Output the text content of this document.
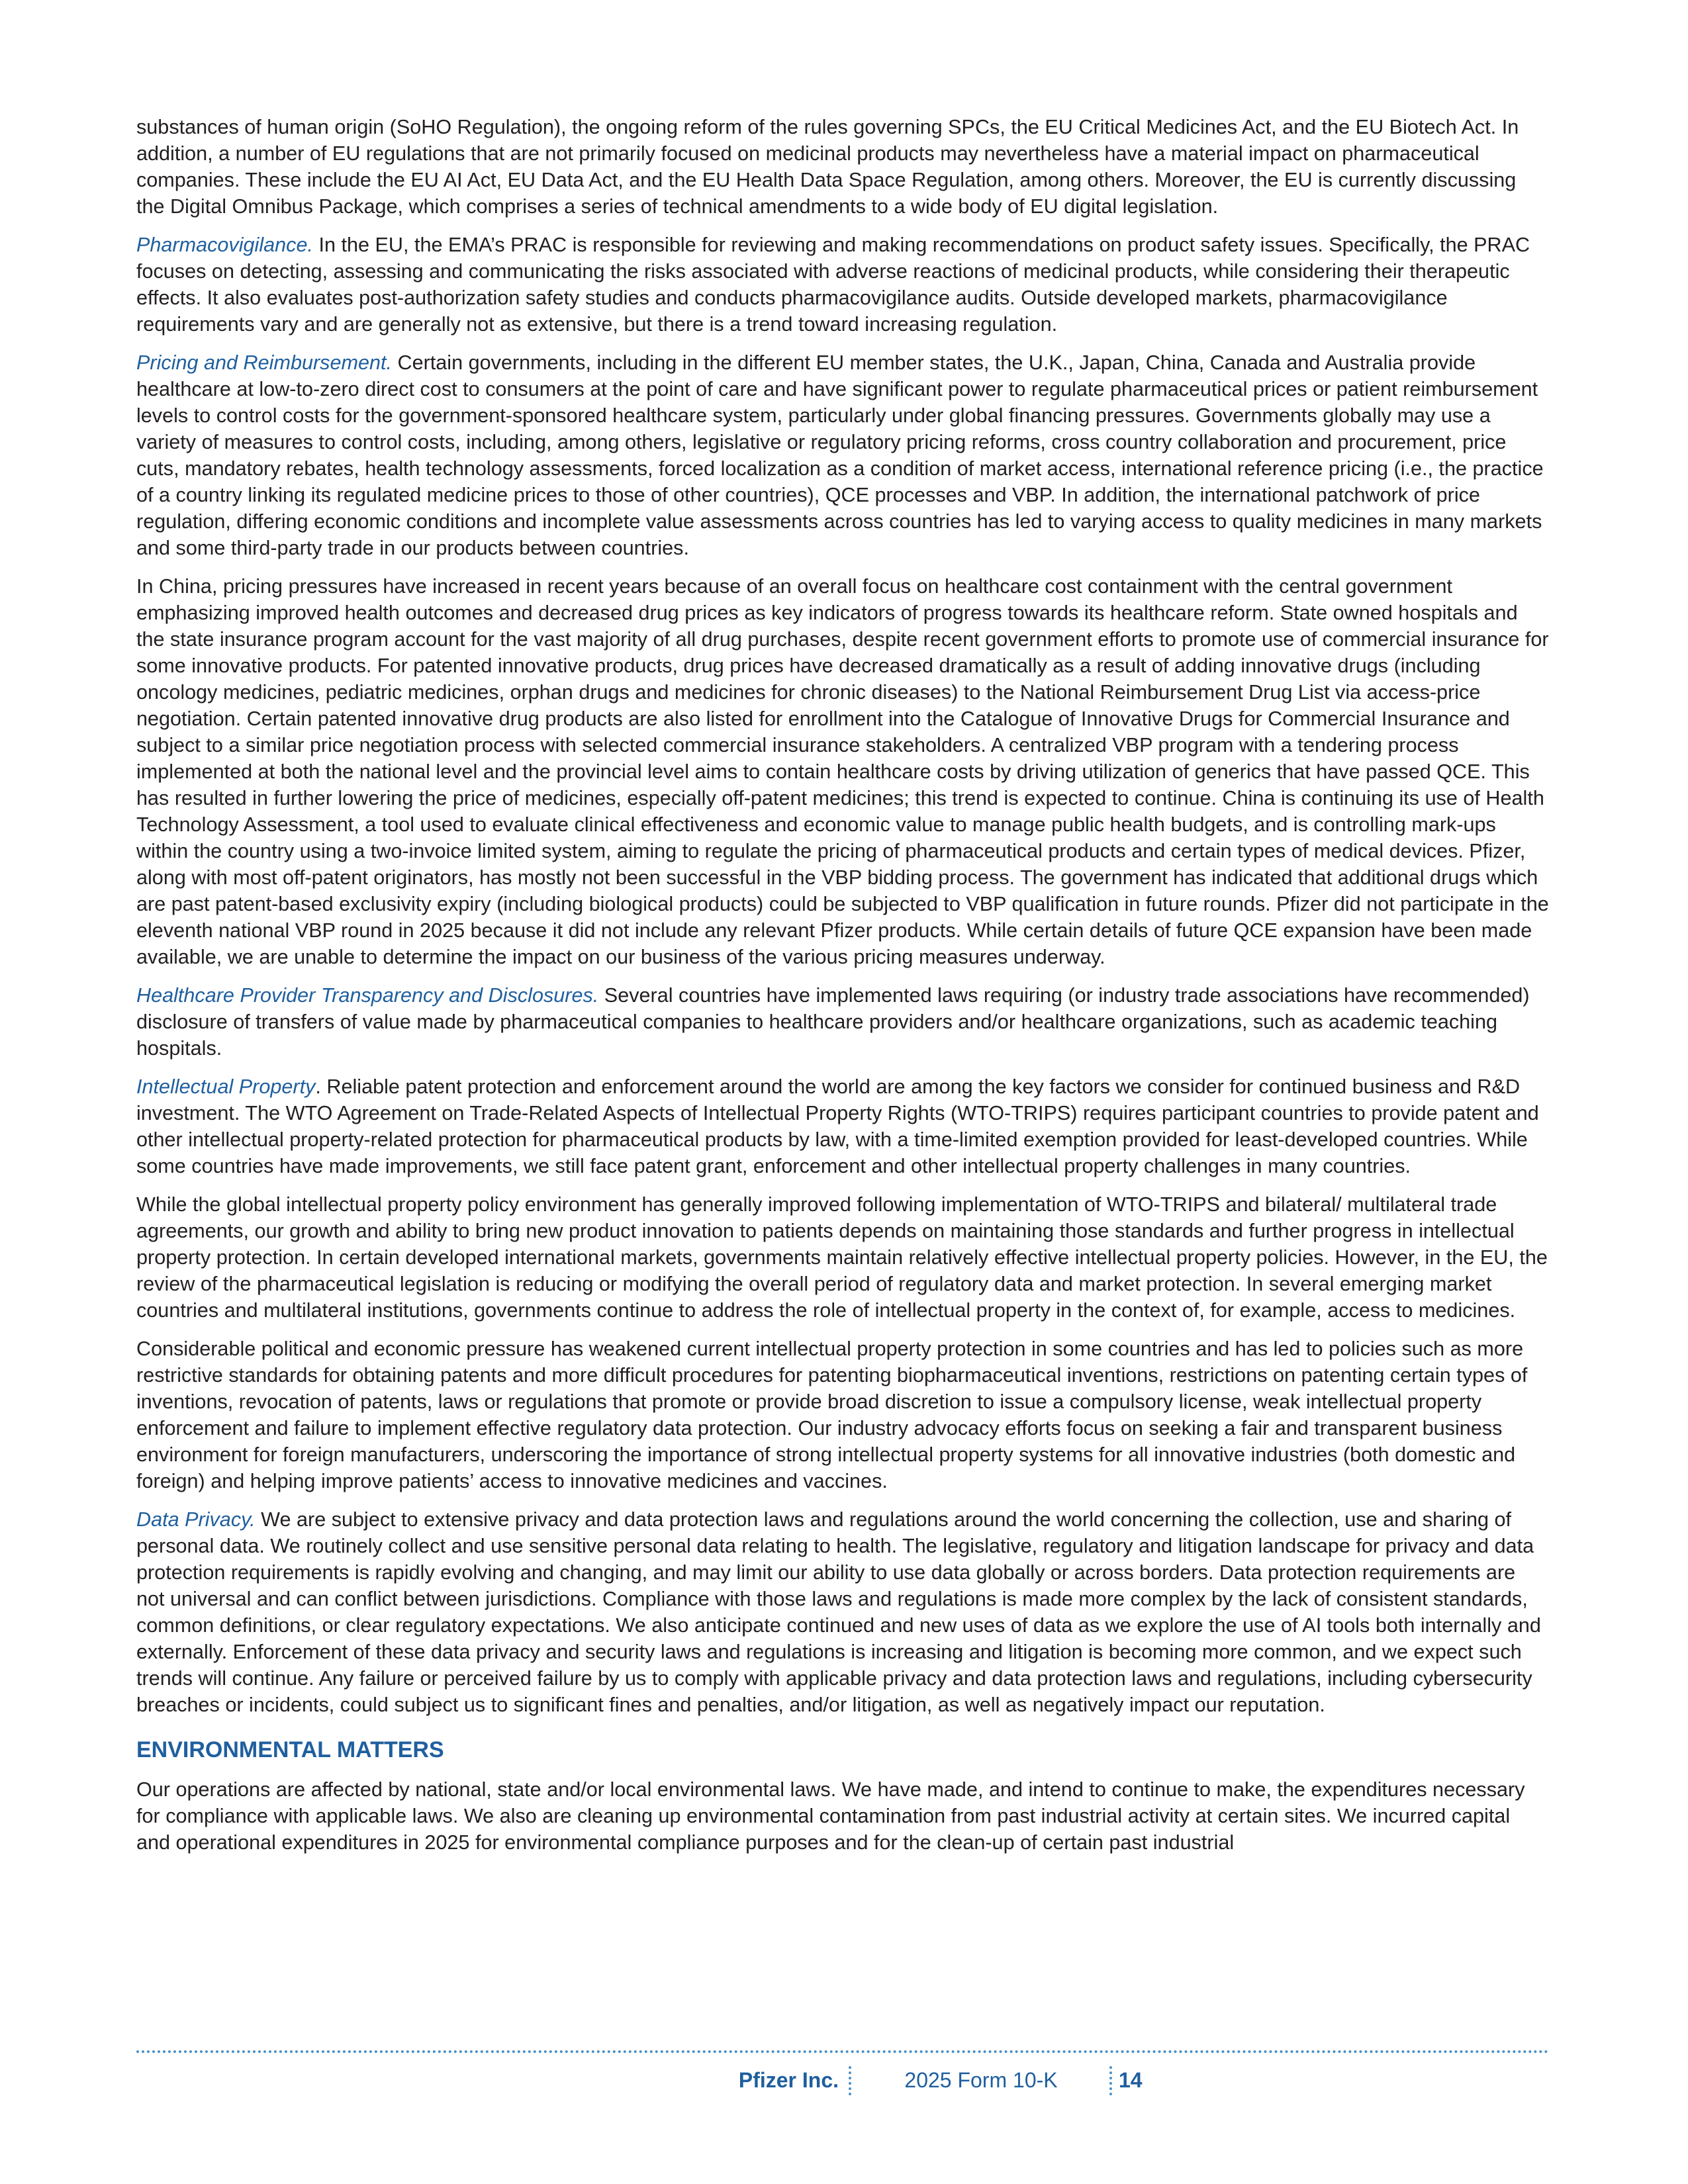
substances of human origin (SoHO Regulation), the ongoing reform of the rules governing SPCs, the EU Critical Medicines Act, and the EU Biotech Act. In addition, a number of EU regulations that are not primarily focused on medicinal products may nevertheless have a material impact on pharmaceutical companies. These include the EU AI Act, EU Data Act, and the EU Health Data Space Regulation, among others. Moreover, the EU is currently discussing the Digital Omnibus Package, which comprises a series of technical amendments to a wide body of EU digital legislation.

Pharmacovigilance. In the EU, the EMA’s PRAC is responsible for reviewing and making recommendations on product safety issues. Specifically, the PRAC focuses on detecting, assessing and communicating the risks associated with adverse reactions of medicinal products, while considering their therapeutic effects. It also evaluates post-authorization safety studies and conducts pharmacovigilance audits. Outside developed markets, pharmacovigilance requirements vary and are generally not as extensive, but there is a trend toward increasing regulation.

Pricing and Reimbursement. Certain governments, including in the different EU member states, the U.K., Japan, China, Canada and Australia provide healthcare at low-to-zero direct cost to consumers at the point of care and have significant power to regulate pharmaceutical prices or patient reimbursement levels to control costs for the government-sponsored healthcare system, particularly under global financing pressures. Governments globally may use a variety of measures to control costs, including, among others, legislative or regulatory pricing reforms, cross country collaboration and procurement, price cuts, mandatory rebates, health technology assessments, forced localization as a condition of market access, international reference pricing (i.e., the practice of a country linking its regulated medicine prices to those of other countries), QCE processes and VBP. In addition, the international patchwork of price regulation, differing economic conditions and incomplete value assessments across countries has led to varying access to quality medicines in many markets and some third-party trade in our products between countries.

In China, pricing pressures have increased in recent years because of an overall focus on healthcare cost containment with the central government emphasizing improved health outcomes and decreased drug prices as key indicators of progress towards its healthcare reform. State owned hospitals and the state insurance program account for the vast majority of all drug purchases, despite recent government efforts to promote use of commercial insurance for some innovative products. For patented innovative products, drug prices have decreased dramatically as a result of adding innovative drugs (including oncology medicines, pediatric medicines, orphan drugs and medicines for chronic diseases) to the National Reimbursement Drug List via access-price negotiation. Certain patented innovative drug products are also listed for enrollment into the Catalogue of Innovative Drugs for Commercial Insurance and subject to a similar price negotiation process with selected commercial insurance stakeholders. A centralized VBP program with a tendering process implemented at both the national level and the provincial level aims to contain healthcare costs by driving utilization of generics that have passed QCE. This has resulted in further lowering the price of medicines, especially off-patent medicines; this trend is expected to continue. China is continuing its use of Health Technology Assessment, a tool used to evaluate clinical effectiveness and economic value to manage public health budgets, and is controlling mark-ups within the country using a two-invoice limited system, aiming to regulate the pricing of pharmaceutical products and certain types of medical devices. Pfizer, along with most off-patent originators, has mostly not been successful in the VBP bidding process. The government has indicated that additional drugs which are past patent-based exclusivity expiry (including biological products) could be subjected to VBP qualification in future rounds. Pfizer did not participate in the eleventh national VBP round in 2025 because it did not include any relevant Pfizer products. While certain details of future QCE expansion have been made available, we are unable to determine the impact on our business of the various pricing measures underway.

Healthcare Provider Transparency and Disclosures. Several countries have implemented laws requiring (or industry trade associations have recommended) disclosure of transfers of value made by pharmaceutical companies to healthcare providers and/or healthcare organizations, such as academic teaching hospitals.

Intellectual Property. Reliable patent protection and enforcement around the world are among the key factors we consider for continued business and R&D investment. The WTO Agreement on Trade-Related Aspects of Intellectual Property Rights (WTO-TRIPS) requires participant countries to provide patent and other intellectual property-related protection for pharmaceutical products by law, with a time-limited exemption provided for least-developed countries. While some countries have made improvements, we still face patent grant, enforcement and other intellectual property challenges in many countries.

While the global intellectual property policy environment has generally improved following implementation of WTO-TRIPS and bilateral/ multilateral trade agreements, our growth and ability to bring new product innovation to patients depends on maintaining those standards and further progress in intellectual property protection. In certain developed international markets, governments maintain relatively effective intellectual property policies. However, in the EU, the review of the pharmaceutical legislation is reducing or modifying the overall period of regulatory data and market protection. In several emerging market countries and multilateral institutions, governments continue to address the role of intellectual property in the context of, for example, access to medicines.

Considerable political and economic pressure has weakened current intellectual property protection in some countries and has led to policies such as more restrictive standards for obtaining patents and more difficult procedures for patenting biopharmaceutical inventions, restrictions on patenting certain types of inventions, revocation of patents, laws or regulations that promote or provide broad discretion to issue a compulsory license, weak intellectual property enforcement and failure to implement effective regulatory data protection. Our industry advocacy efforts focus on seeking a fair and transparent business environment for foreign manufacturers, underscoring the importance of strong intellectual property systems for all innovative industries (both domestic and foreign) and helping improve patients’ access to innovative medicines and vaccines.

Data Privacy. We are subject to extensive privacy and data protection laws and regulations around the world concerning the collection, use and sharing of personal data. We routinely collect and use sensitive personal data relating to health. The legislative, regulatory and litigation landscape for privacy and data protection requirements is rapidly evolving and changing, and may limit our ability to use data globally or across borders. Data protection requirements are not universal and can conflict between jurisdictions. Compliance with those laws and regulations is made more complex by the lack of consistent standards, common definitions, or clear regulatory expectations. We also anticipate continued and new uses of data as we explore the use of AI tools both internally and externally. Enforcement of these data privacy and security laws and regulations is increasing and litigation is becoming more common, and we expect such trends will continue. Any failure or perceived failure by us to comply with applicable privacy and data protection laws and regulations, including cybersecurity breaches or incidents, could subject us to significant fines and penalties, and/or litigation, as well as negatively impact our reputation.

ENVIRONMENTAL MATTERS

Our operations are affected by national, state and/or local environmental laws. We have made, and intend to continue to make, the expenditures necessary for compliance with applicable laws. We also are cleaning up environmental contamination from past industrial activity at certain sites. We incurred capital and operational expenditures in 2025 for environmental compliance purposes and for the clean-up of certain past industrial

Pfizer Inc.	2025 Form 10-K	14
